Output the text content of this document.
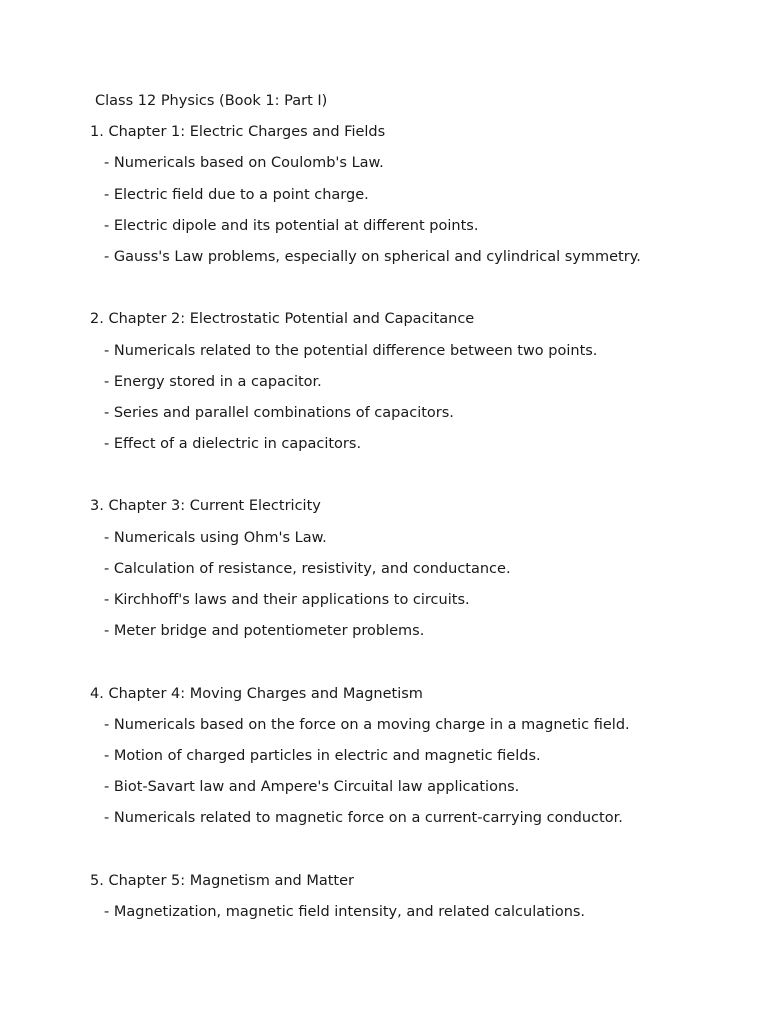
Class 12 Physics (Book 1: Part I)
1. Chapter 1: Electric Charges and Fields
- Numericals based on Coulomb's Law.
- Electric field due to a point charge.
- Electric dipole and its potential at different points.
- Gauss's Law problems, especially on spherical and cylindrical symmetry.
2. Chapter 2: Electrostatic Potential and Capacitance
- Numericals related to the potential difference between two points.
- Energy stored in a capacitor.
- Series and parallel combinations of capacitors.
- Effect of a dielectric in capacitors.
3. Chapter 3: Current Electricity
- Numericals using Ohm's Law.
- Calculation of resistance, resistivity, and conductance.
- Kirchhoff's laws and their applications to circuits.
- Meter bridge and potentiometer problems.
4. Chapter 4: Moving Charges and Magnetism
- Numericals based on the force on a moving charge in a magnetic field.
- Motion of charged particles in electric and magnetic fields.
- Biot-Savart law and Ampere's Circuital law applications.
- Numericals related to magnetic force on a current-carrying conductor.
5. Chapter 5: Magnetism and Matter
- Magnetization, magnetic field intensity, and related calculations.
